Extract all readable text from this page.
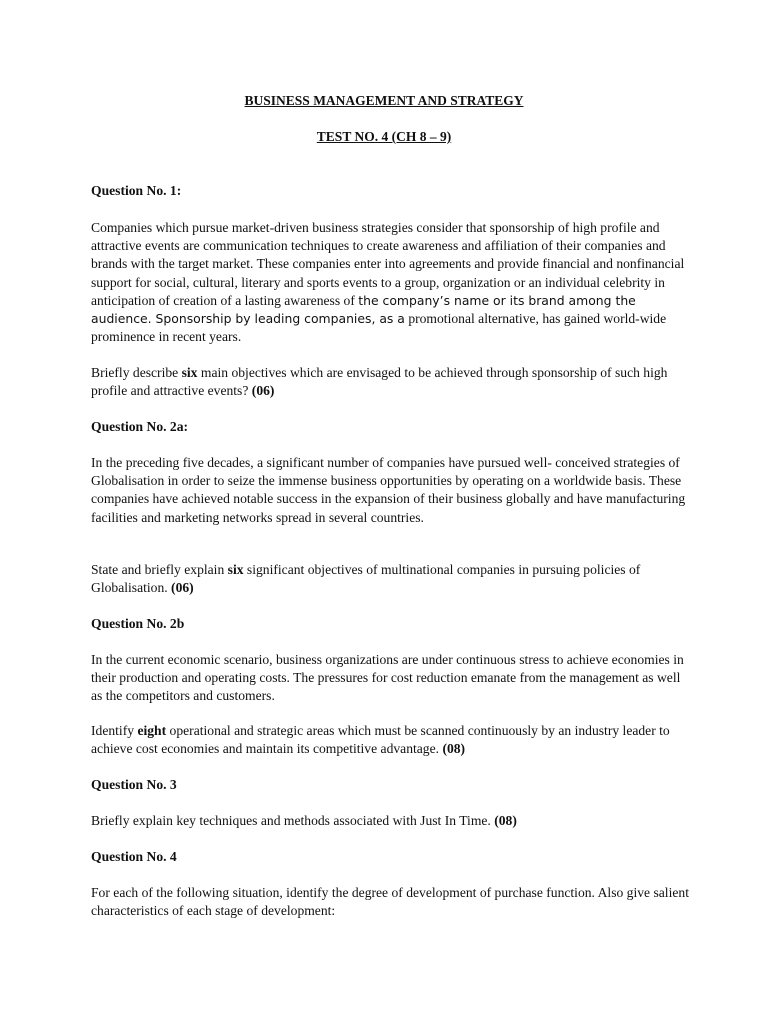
BUSINESS MANAGEMENT AND STRATEGY

TEST NO. 4 (CH 8 – 9)

Question No. 1:

Companies which pursue market-driven business strategies consider that sponsorship of high profile and attractive events are communication techniques to create awareness and affiliation of their companies and brands with the target market. These companies enter into agreements and provide financial and nonfinancial support for social, cultural, literary and sports events to a group, organization or an individual celebrity in anticipation of creation of a lasting awareness of the company’s name or its brand among the audience. Sponsorship by leading companies, as a promotional alternative, has gained world-wide prominence in recent years.

Briefly describe six main objectives which are envisaged to be achieved through sponsorship of such high profile and attractive events? (06)

Question No. 2a:

In the preceding five decades, a significant number of companies have pursued well- conceived strategies of Globalisation in order to seize the immense business opportunities by operating on a worldwide basis. These companies have achieved notable success in the expansion of their business globally and have manufacturing facilities and marketing networks spread in several countries.

State and briefly explain six significant objectives of multinational companies in pursuing policies of Globalisation. (06)

Question No. 2b

In the current economic scenario, business organizations are under continuous stress to achieve economies in their production and operating costs. The pressures for cost reduction emanate from the management as well as the competitors and customers.

Identify eight operational and strategic areas which must be scanned continuously by an industry leader to achieve cost economies and maintain its competitive advantage. (08)

Question No. 3

Briefly explain key techniques and methods associated with Just In Time. (08)

Question No. 4

For each of the following situation, identify the degree of development of purchase function. Also give salient characteristics of each stage of development:
